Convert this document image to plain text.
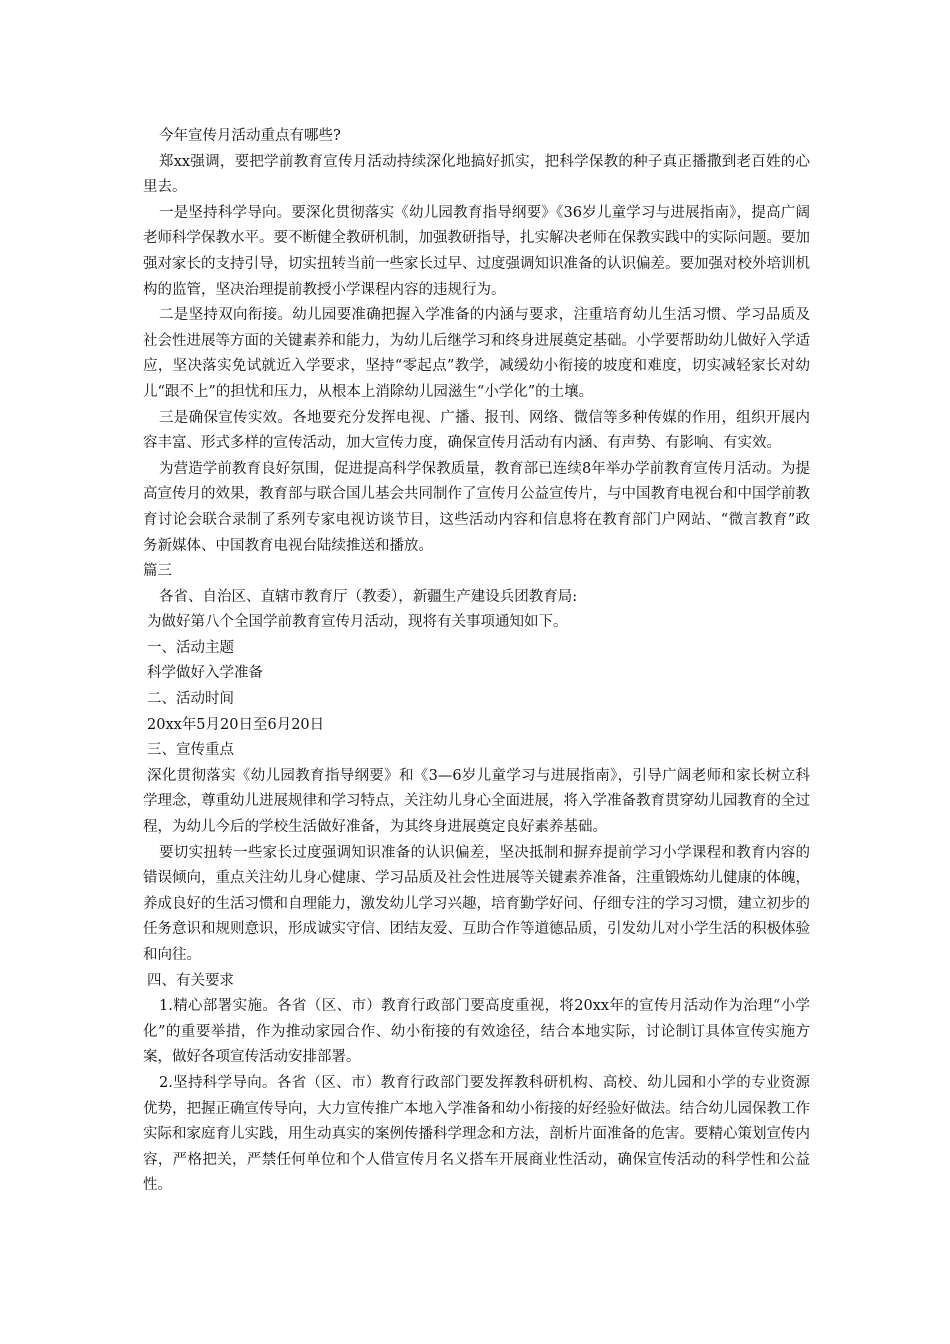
今年宣传月活动重点有哪些?

郑xx强调，要把学前教育宣传月活动持续深化地搞好抓实，把科学保教的种子真正播撒到老百姓的心里去。

一是坚持科学导向。要深化贯彻落实《幼儿园教育指导纲要》《36岁儿童学习与进展指南》，提高广阔老师科学保教水平。要不断健全教研机制，加强教研指导，扎实解决老师在保教实践中的实际问题。要加强对家长的支持引导，切实扭转当前一些家长过早、过度强调知识准备的认识偏差。要加强对校外培训机构的监管，坚决治理提前教授小学课程内容的违规行为。

二是坚持双向衔接。幼儿园要准确把握入学准备的内涵与要求，注重培育幼儿生活习惯、学习品质及社会性进展等方面的关键素养和能力，为幼儿后继学习和终身进展奠定基础。小学要帮助幼儿做好入学适应，坚决落实免试就近入学要求，坚持“零起点”教学，减缓幼小衔接的坡度和难度，切实减轻家长对幼儿“跟不上”的担忧和压力，从根本上消除幼儿园滋生“小学化”的土壤。

三是确保宣传实效。各地要充分发挥电视、广播、报刊、网络、微信等多种传媒的作用，组织开展内容丰富、形式多样的宣传活动，加大宣传力度，确保宣传月活动有内涵、有声势、有影响、有实效。

为营造学前教育良好氛围，促进提高科学保教质量，教育部已连续8年举办学前教育宣传月活动。为提高宣传月的效果，教育部与联合国儿基会共同制作了宣传月公益宣传片，与中国教育电视台和中国学前教育讨论会联合录制了系列专家电视访谈节目，这些活动内容和信息将在教育部门户网站、“微言教育”政务新媒体、中国教育电视台陆续推送和播放。

篇三

各省、自治区、直辖市教育厅（教委），新疆生产建设兵团教育局:

为做好第八个全国学前教育宣传月活动，现将有关事项通知如下。

一、活动主题

科学做好入学准备

二、活动时间

20xx年5月20日至6月20日

三、宣传重点

深化贯彻落实《幼儿园教育指导纲要》和《3—6岁儿童学习与进展指南》，引导广阔老师和家长树立科学理念，尊重幼儿进展规律和学习特点，关注幼儿身心全面进展，将入学准备教育贯穿幼儿园教育的全过程，为幼儿今后的学校生活做好准备，为其终身进展奠定良好素养基础。

要切实扭转一些家长过度强调知识准备的认识偏差，坚决抵制和摒弃提前学习小学课程和教育内容的错误倾向，重点关注幼儿身心健康、学习品质及社会性进展等关键素养准备，注重锻炼幼儿健康的体魄，养成良好的生活习惯和自理能力，激发幼儿学习兴趣，培育勤学好问、仔细专注的学习习惯，建立初步的任务意识和规则意识，形成诚实守信、团结友爱、互助合作等道德品质，引发幼儿对小学生活的积极体验和向往。

四、有关要求

1.精心部署实施。各省（区、市）教育行政部门要高度重视，将20xx年的宣传月活动作为治理“小学化”的重要举措，作为推动家园合作、幼小衔接的有效途径，结合本地实际，讨论制订具体宣传实施方案，做好各项宣传活动安排部署。

2.坚持科学导向。各省（区、市）教育行政部门要发挥教科研机构、高校、幼儿园和小学的专业资源优势，把握正确宣传导向，大力宣传推广本地入学准备和幼小衔接的好经验好做法。结合幼儿园保教工作实际和家庭育儿实践，用生动真实的案例传播科学理念和方法，剖析片面准备的危害。要精心策划宣传内容，严格把关，严禁任何单位和个人借宣传月名义搭车开展商业性活动，确保宣传活动的科学性和公益性。
